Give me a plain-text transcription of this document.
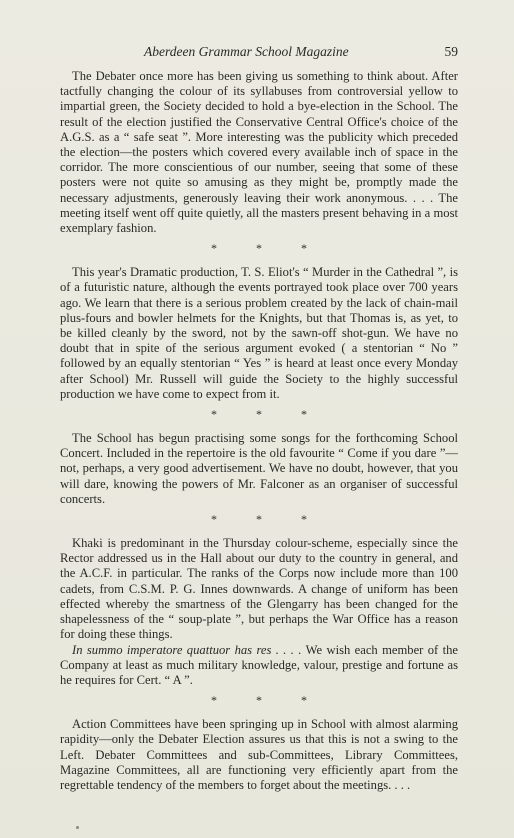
Aberdeen Grammar School Magazine	59

The Debater once more has been giving us something to think about. After tactfully changing the colour of its syllabuses from controversial yellow to impartial green, the Society decided to hold a bye-election in the School. The result of the election justified the Conservative Central Office's choice of the A.G.S. as a “ safe seat ”. More interesting was the publicity which preceded the election—the posters which covered every available inch of space in the corridor. The more conscientious of our number, seeing that some of these posters were not quite so amusing as they might be, promptly made the necessary adjustments, generously leaving their work anonymous. . . . The meeting itself went off quite quietly, all the masters present behaving in a most exemplary fashion.

* * *

This year's Dramatic production, T. S. Eliot's “ Murder in the Cathedral ”, is of a futuristic nature, although the events portrayed took place over 700 years ago. We learn that there is a serious problem created by the lack of chain-mail plus-fours and bowler helmets for the Knights, but that Thomas is, as yet, to be killed cleanly by the sword, not by the sawn-off shot-gun. We have no doubt that in spite of the serious argument evoked ( a stentorian “ No ” followed by an equally stentorian “ Yes ” is heard at least once every Monday after School) Mr. Russell will guide the Society to the highly successful production we have come to expect from it.

* * *

The School has begun practising some songs for the forthcoming School Concert. Included in the repertoire is the old favourite “ Come if you dare ”—not, perhaps, a very good advertisement. We have no doubt, however, that you will dare, knowing the powers of Mr. Falconer as an organiser of successful concerts.

* * *

Khaki is predominant in the Thursday colour-scheme, especially since the Rector addressed us in the Hall about our duty to the country in general, and the A.C.F. in particular. The ranks of the Corps now include more than 100 cadets, from C.S.M. P. G. Innes downwards. A change of uniform has been effected whereby the smartness of the Glengarry has been changed for the shapelessness of the “ soup-plate ”, but perhaps the War Office has a reason for doing these things.

In summo imperatore quattuor has res . . . . We wish each member of the Company at least as much military knowledge, valour, prestige and fortune as he requires for Cert. “ A ”.

* * *

Action Committees have been springing up in School with almost alarming rapidity—only the Debater Election assures us that this is not a swing to the Left. Debater Committees and sub-Committees, Library Committees, Magazine Committees, all are functioning very efficiently apart from the regrettable tendency of the members to forget about the meetings. . . .
